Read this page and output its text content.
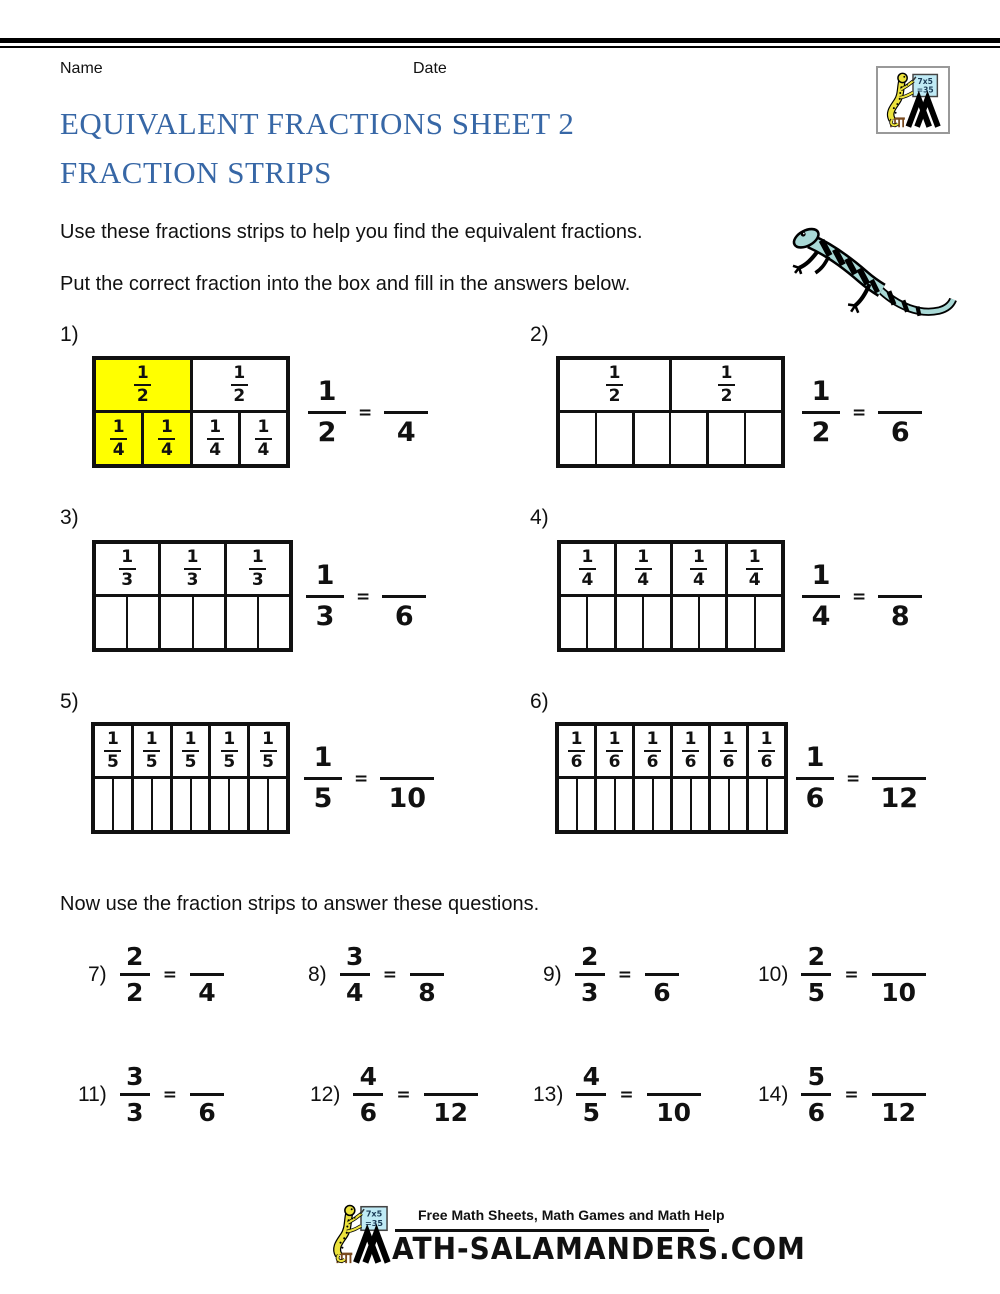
Name	Date
EQUIVALENT FRACTIONS SHEET 2
FRACTION STRIPS
Use these fractions strips to help you find the equivalent fractions.
Put the correct fraction into the box and fill in the answers below.
1)	2)
3)	4)
5)	6)
1
2
1
2
1
4
1
4
1
4
1
4
1
2
1
2
1
3
1
3
1
3
1
4
1
4
1
4
1
4
1
5
1
5
1
5
1
5
1
5
1
6
1
6
1
6
1
6
1
6
1
6
1
2
=
4
1
2
=
6
1
3
=
6
1
4
=
8
1
5
=
10
1
6
=
12
Now use the fraction strips to answer these questions.
7)
2
2
=
4
8)
3
4
=
8
9)
2
3
=
6
10)
2
5
=
10
11)
3
3
=
6
12)
4
6
=
12
13)
4
5
=
10
14)
5
6
=
12
Free Math Sheets, Math Games and Math Help
ATH-SALAMANDERS.COM
